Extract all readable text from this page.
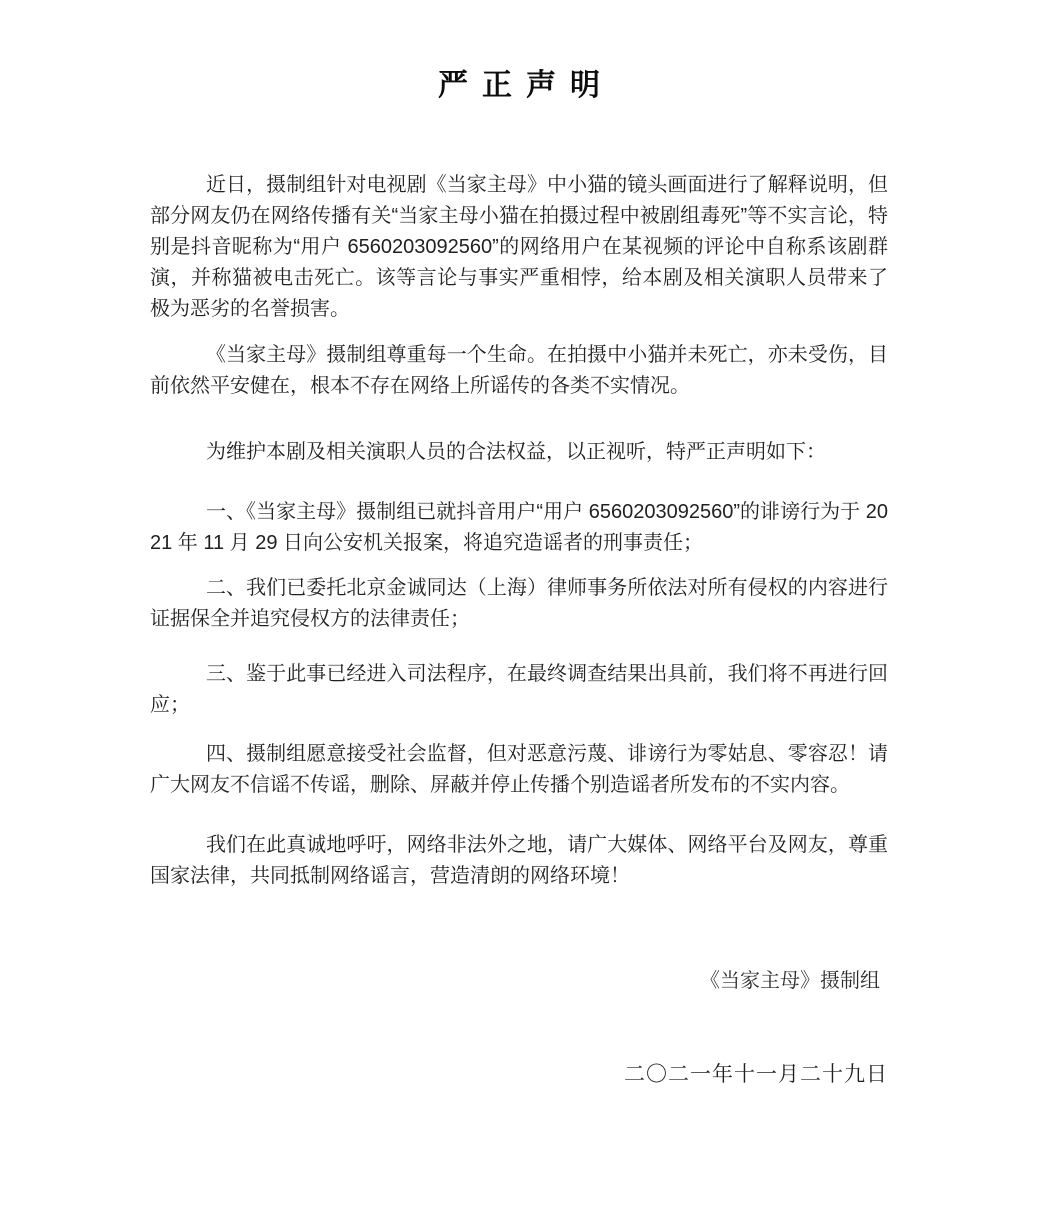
严正声明

近日，摄制组针对电视剧《当家主母》中小猫的镜头画面进行了解释说明，但部分网友仍在网络传播有关“当家主母小猫在拍摄过程中被剧组毒死”等不实言论，特别是抖音昵称为“用户 6560203092560”的网络用户在某视频的评论中自称系该剧群演，并称猫被电击死亡。该等言论与事实严重相悖，给本剧及相关演职人员带来了极为恶劣的名誉损害。

《当家主母》摄制组尊重每一个生命。在拍摄中小猫并未死亡，亦未受伤，目前依然平安健在，根本不存在网络上所谣传的各类不实情况。

为维护本剧及相关演职人员的合法权益，以正视听，特严正声明如下：

一、《当家主母》摄制组已就抖音用户“用户 6560203092560”的诽谤行为于 2021 年 11 月 29 日向公安机关报案，将追究造谣者的刑事责任；

二、我们已委托北京金诚同达（上海）律师事务所依法对所有侵权的内容进行证据保全并追究侵权方的法律责任；

三、鉴于此事已经进入司法程序，在最终调查结果出具前，我们将不再进行回应；

四、摄制组愿意接受社会监督，但对恶意污蔑、诽谤行为零姑息、零容忍！请广大网友不信谣不传谣，删除、屏蔽并停止传播个别造谣者所发布的不实内容。

我们在此真诚地呼吁，网络非法外之地，请广大媒体、网络平台及网友，尊重国家法律，共同抵制网络谣言，营造清朗的网络环境！

《当家主母》摄制组
二〇二一年十一月二十九日
